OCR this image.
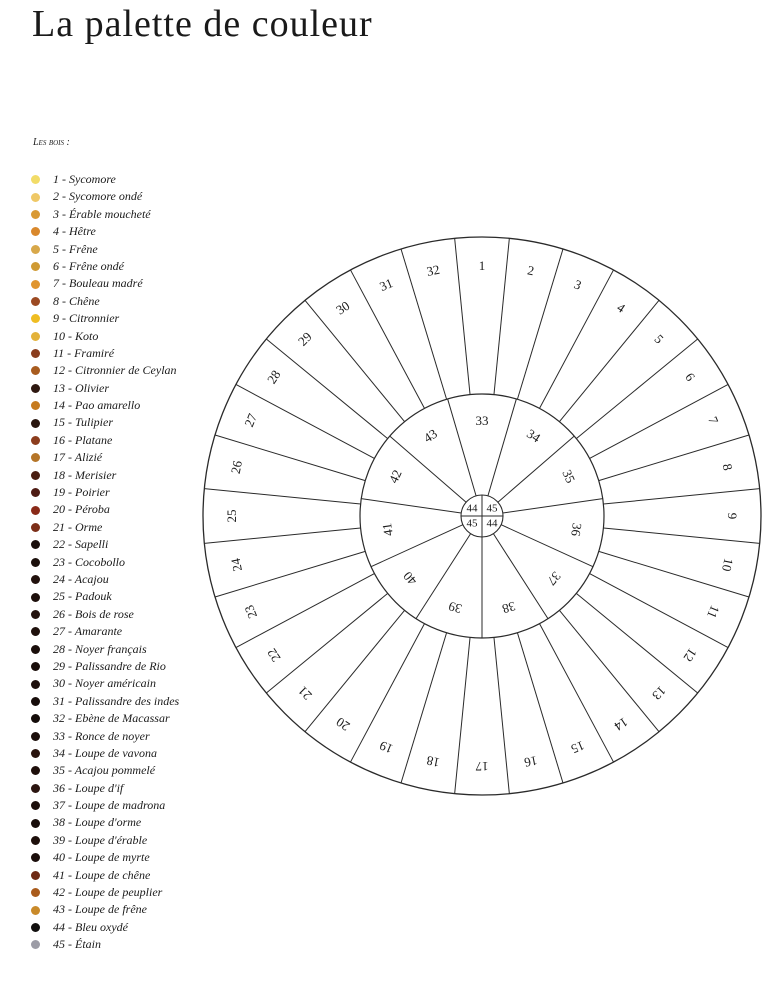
La palette de couleur
Les bois :
1 - Sycomore
2 - Sycomore ondé
3 - Érable moucheté
4 - Hêtre
5 - Frêne
6 - Frêne ondé
7 - Bouleau madré
8 - Chêne
9 - Citronnier
10 - Koto
11 - Framiré
12 - Citronnier de Ceylan
13 - Olivier
14 - Pao amarello
15 - Tulipier
16 - Platane
17 - Alizié
18 - Merisier
19 - Poirier
20 - Péroba
21 - Orme
22 - Sapelli
23 - Cocobollo
24 - Acajou
25 - Padouk
26 - Bois de rose
27 - Amarante
28 - Noyer français
29 - Palissandre de Rio
30 - Noyer américain
31 - Palissandre des indes
32 - Ebène de Macassar
33 - Ronce de noyer
34 - Loupe de vavona
35 - Acajou pommelé
36 - Loupe d'if
37 - Loupe de madrona
38 - Loupe d'orme
39 - Loupe d'érable
40 - Loupe de myrte
41 - Loupe de chêne
42 - Loupe de peuplier
43 - Loupe de frêne
44 - Bleu oxydé
45 - Étain
1	2
3
4
5
6
7
8
9
10
11
12
13
14
15
16
17
18
19
20
21
22
23
24
25
26
27
28
29
30
31
32
33
34
35
36
37
38
39
40
41
42
43
44 45
45 44
